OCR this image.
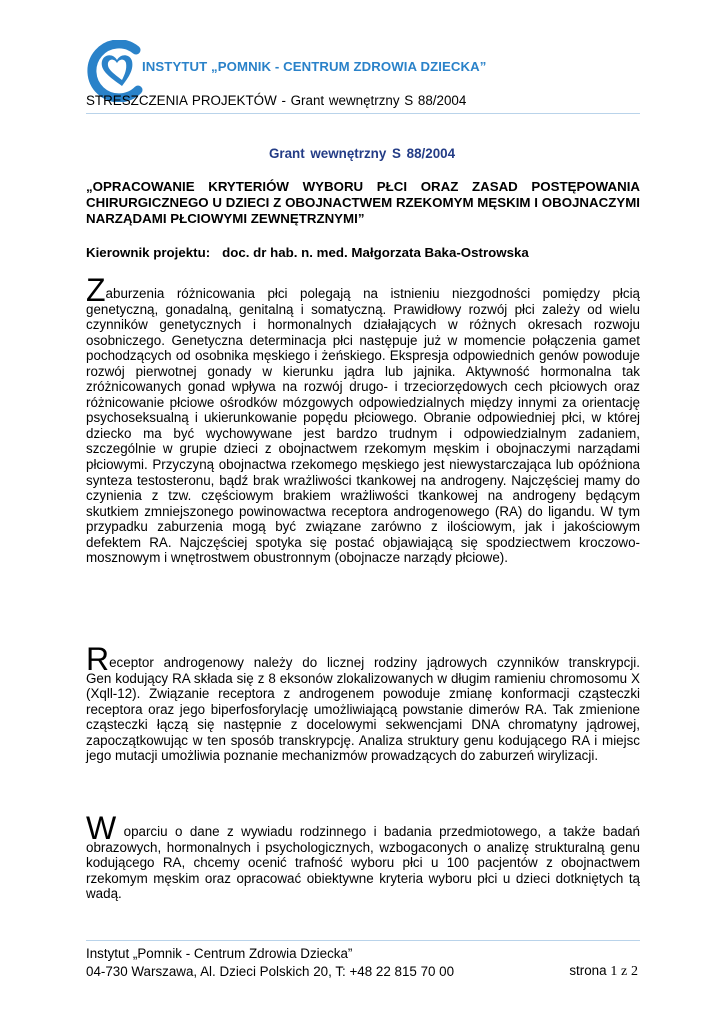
INSTYTUT „POMNIK - CENTRUM ZDROWIA DZIECKA”
STRESZCZENIA PROJEKTÓW - Grant wewnętrzny S 88/2004
Grant wewnętrzny S 88/2004
„OPRACOWANIE KRYTERIÓW WYBORU PŁCI ORAZ ZASAD POSTĘPOWANIA CHIRURGICZNEGO U DZIECI Z OBOJNACTWEM RZEKOMYM MĘSKIM I OBOJNACZYMI NARZĄDAMI PŁCIOWYMI ZEWNĘTRZNYMI”
Kierownik projektu: doc. dr hab. n. med. Małgorzata Baka-Ostrowska
Zaburzenia różnicowania płci polegają na istnieniu niezgodności pomiędzy płcią
genetyczną, gonadalną, genitalną i somatyczną. Prawidłowy rozwój płci zależy od wielu czynników genetycznych i hormonalnych działających w różnych okresach rozwoju osobniczego. Genetyczna determinacja płci następuje już w momencie połączenia gamet pochodzących od osobnika męskiego i żeńskiego. Ekspresja odpowiednich genów powoduje rozwój pierwotnej gonady w kierunku jądra lub jajnika. Aktywność hormonalna tak zróżnicowanych gonad wpływa na rozwój drugo- i trzeciorzędowych cech płciowych oraz różnicowanie płciowe ośrodków mózgowych odpowiedzialnych między innymi za orientację psychoseksualną i ukierunkowanie popędu płciowego. Obranie odpowiedniej płci, w której dziecko ma być wychowywane jest bardzo trudnym i odpowiedzialnym zadaniem, szczególnie w grupie dzieci z obojnactwem rzekomym męskim i obojnaczymi narządami płciowymi. Przyczyną obojnactwa rzekomego męskiego jest niewystarczająca lub opóźniona synteza testosteronu, bądź brak wrażliwości tkankowej na androgeny. Najczęściej mamy do czynienia z tzw. częściowym brakiem wrażliwości tkankowej na androgeny będącym skutkiem zmniejszonego powinowactwa receptora androgenowego (RA) do ligandu. W tym przypadku zaburzenia mogą być związane zarówno z ilościowym, jak i jakościowym defektem RA. Najczęściej spotyka się postać objawiającą się spodziectwem kroczowo-mosznowym i wnętrostwem obustronnym (obojnacze narządy płciowe).
Receptor androgenowy należy do licznej rodziny jądrowych czynników transkrypcji.
Gen kodujący RA składa się z 8 eksonów zlokalizowanych w długim ramieniu chromosomu X (Xqll-12). Związanie receptora z androgenem powoduje zmianę konformacji cząsteczki receptora oraz jego biperfosforylację umożliwiającą powstanie dimerów RA. Tak zmienione cząsteczki łączą się następnie z docelowymi sekwencjami DNA chromatyny jądrowej, zapoczątkowując w ten sposób transkrypcję. Analiza struktury genu kodującego RA i miejsc jego mutacji umożliwia poznanie mechanizmów prowadzących do zaburzeń wirylizacji.
W oparciu o dane z wywiadu rodzinnego i badania przedmiotowego, a także badań
obrazowych, hormonalnych i psychologicznych, wzbogaconych o analizę strukturalną genu kodującego RA, chcemy ocenić trafność wyboru płci u 100 pacjentów z obojnactwem rzekomym męskim oraz opracować obiektywne kryteria wyboru płci u dzieci dotkniętych tą wadą.
Instytut „Pomnik - Centrum Zdrowia Dziecka”
04-730 Warszawa, Al. Dzieci Polskich 20, T: +48 22 815 70 00	strona 1 z 2
